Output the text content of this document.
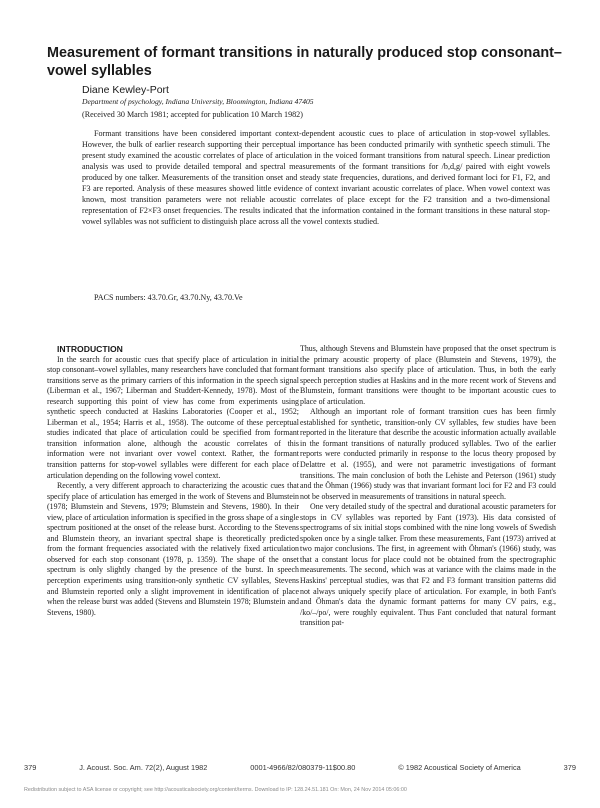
Measurement of formant transitions in naturally produced stop consonant–vowel syllables

Diane Kewley-Port

Department of psychology, Indiana University, Bloomington, Indiana 47405

(Received 30 March 1981; accepted for publication 10 March 1982)

Formant transitions have been considered important context-dependent acoustic cues to place of articulation in stop-vowel syllables. However, the bulk of earlier research supporting their perceptual importance has been conducted primarily with synthetic speech stimuli. The present study examined the acoustic correlates of place of articulation in the voiced formant transitions from natural speech. Linear prediction analysis was used to provide detailed temporal and spectral measurements of the formant transitions for /b,d,g/ paired with eight vowels produced by one talker. Measurements of the transition onset and steady state frequencies, durations, and derived formant loci for F1, F2, and F3 are reported. Analysis of these measures showed little evidence of context invariant acoustic correlates of place. When vowel context was known, most transition parameters were not reliable acoustic correlates of place except for the F2 transition and a two-dimensional representation of F2×F3 onset frequencies. The results indicated that the information contained in the formant transitions in these natural stop-vowel syllables was not sufficient to distinguish place across all the vowel contexts studied.

PACS numbers: 43.70.Gr, 43.70.Ny, 43.70.Ve

INTRODUCTION

In the search for acoustic cues that specify place of articulation in initial stop consonant–vowel syllables, many researchers have concluded that formant transitions serve as the primary carriers of this information in the speech signal (Liberman et al., 1967; Liberman and Studdert-Kennedy, 1978). Most of the research supporting this point of view has come from experiments using synthetic speech conducted at Haskins Laboratories (Cooper et al., 1952; Liberman et al., 1954; Harris et al., 1958). The outcome of these perceptual studies indicated that place of articulation could be specified from formant transition information alone, although the acoustic correlates of this information were not invariant over vowel context. Rather, the formant transition patterns for stop-vowel syllables were different for each place of articulation depending on the following vowel context.

Recently, a very different approach to characterizing the acoustic cues that specify place of articulation has emerged in the work of Stevens and Blumstein (1978; Blumstein and Stevens, 1979; Blumstein and Stevens, 1980). In their view, place of articulation information is specified in the gross shape of a single spectrum positioned at the onset of the release burst. According to the Stevens and Blumstein theory, an invariant spectral shape is theoretically predicted from the formant frequencies associated with the relatively fixed articulation observed for each stop consonant (1978, p. 1359). The shape of the onset spectrum is only slightly changed by the presence of the burst. In speech perception experiments using transition-only synthetic CV syllables, Stevens and Blumstein reported only a slight improvement in identification of place when the release burst was added (Stevens and Blumstein 1978; Blumstein and Stevens, 1980).

Thus, although Stevens and Blumstein have proposed that the onset spectrum is the primary acoustic property of place (Blumstein and Stevens, 1979), the formant transitions also specify place of articulation. Thus, in both the early speech perception studies at Haskins and in the more recent work of Stevens and Blumstein, formant transitions were thought to be important acoustic cues to place of articulation.

Although an important role of formant transition cues has been firmly established for synthetic, transition-only CV syllables, few studies have been reported in the literature that describe the acoustic information actually available in the formant transitions of naturally produced syllables. Two of the earlier reports were conducted primarily in response to the locus theory proposed by Delattre et al. (1955), and were not parametric investigations of formant transitions. The main conclusion of both the Lehiste and Peterson (1961) study and the Öhman (1966) study was that invariant formant loci for F2 and F3 could not be observed in measurements of transitions in natural speech.

One very detailed study of the spectral and durational acoustic parameters for stops in CV syllables was reported by Fant (1973). His data consisted of spectrograms of six initial stops combined with the nine long vowels of Swedish spoken once by a single talker. From these measurements, Fant (1973) arrived at two major conclusions. The first, in agreement with Öhman's (1966) study, was that a constant locus for place could not be obtained from the spectrographic measurements. The second, which was at variance with the claims made in the Haskins' perceptual studies, was that F2 and F3 formant transition patterns did not always uniquely specify place of articulation. For example, in both Fant's and Öhman's data the dynamic formant patterns for many CV pairs, e.g., /ko/–/po/, were roughly equivalent. Thus Fant concluded that natural formant transition pat-

379	J. Acoust. Soc. Am. 72(2), August 1982	0001-4966/82/080379-11$00.80	© 1982 Acoustical Society of America	379
Redistribution subject to ASA license or copyright; see http://acousticalsociety.org/content/terms. Download to IP: 128.24.51.181 On: Mon, 24 Nov 2014 05:06:00
